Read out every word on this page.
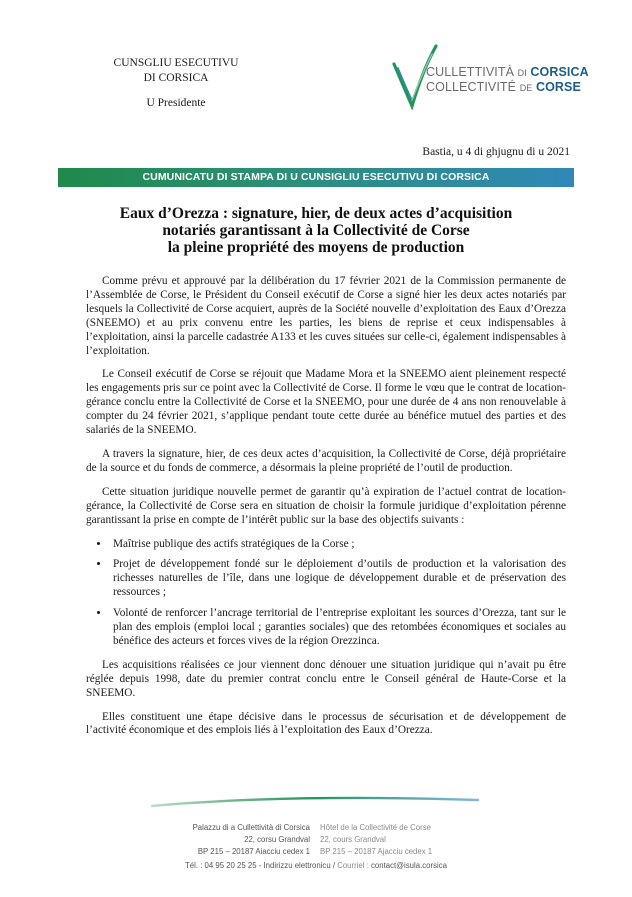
CUNSGLIU ESECUTIVU
DI CORSICA
U Presidente
CULLETTIVITÀ DI CORSICA
COLLECTIVITÉ DE CORSE
Bastia, u 4 di ghjugnu di u 2021
CUMUNICATU DI STAMPA DI U CUNSIGLIU ESECUTIVU DI CORSICA
Eaux d’Orezza : signature, hier, de deux actes d’acquisition
notariés garantissant à la Collectivité de Corse
la pleine propriété des moyens de production

Comme prévu et approuvé par la délibération du 17 février 2021 de la Commission permanente de l’Assemblée de Corse, le Président du Conseil exécutif de Corse a signé hier les deux actes notariés par lesquels la Collectivité de Corse acquiert, auprès de la Société nouvelle d’exploitation des Eaux d’Orezza (SNEEMO) et au prix convenu entre les parties, les biens de reprise et ceux indispensables à l’exploitation, ainsi la parcelle cadastrée A133 et les cuves situées sur celle-ci, également indispensables à l’exploitation.

Le Conseil exécutif de Corse se réjouit que Madame Mora et la SNEEMO aient pleinement respecté les engagements pris sur ce point avec la Collectivité de Corse. Il forme le vœu que le contrat de location-gérance conclu entre la Collectivité de Corse et la SNEEMO, pour une durée de 4 ans non renouvelable à compter du 24 février 2021, s’applique pendant toute cette durée au bénéfice mutuel des parties et des salariés de la SNEEMO.

A travers la signature, hier, de ces deux actes d’acquisition, la Collectivité de Corse, déjà propriétaire de la source et du fonds de commerce, a désormais la pleine propriété de l’outil de production.

Cette situation juridique nouvelle permet de garantir qu’à expiration de l’actuel contrat de location-gérance, la Collectivité de Corse sera en situation de choisir la formule juridique d’exploitation pérenne garantissant la prise en compte de l’intérêt public sur la base des objectifs suivants :

• Maîtrise publique des actifs stratégiques de la Corse ;
• Projet de développement fondé sur le déploiement d’outils de production et la valorisation des richesses naturelles de l’île, dans une logique de développement durable et de préservation des ressources ;
• Volonté de renforcer l’ancrage territorial de l’entreprise exploitant les sources d’Orezza, tant sur le plan des emplois (emploi local ; garanties sociales) que des retombées économiques et sociales au bénéfice des acteurs et forces vives de la région Orezzinca.

Les acquisitions réalisées ce jour viennent donc dénouer une situation juridique qui n’avait pu être réglée depuis 1998, date du premier contrat conclu entre le Conseil général de Haute-Corse et la SNEEMO.

Elles constituent une étape décisive dans le processus de sécurisation et de développement de l’activité économique et des emplois liés à l’exploitation des Eaux d’Orezza.

Palazzu di a Cullettività di Corsica
22, corsu Grandval
BP 215 – 20187 Aiacciu cedex 1
Hôtel de la Collectivité de Corse
22, cours Grandval
BP 215 – 20187 Ajacciu cedex 1
Tél. : 04 95 20 25 25 - Indirizzu elettronicu / Courriel : contact@isula.corsica
